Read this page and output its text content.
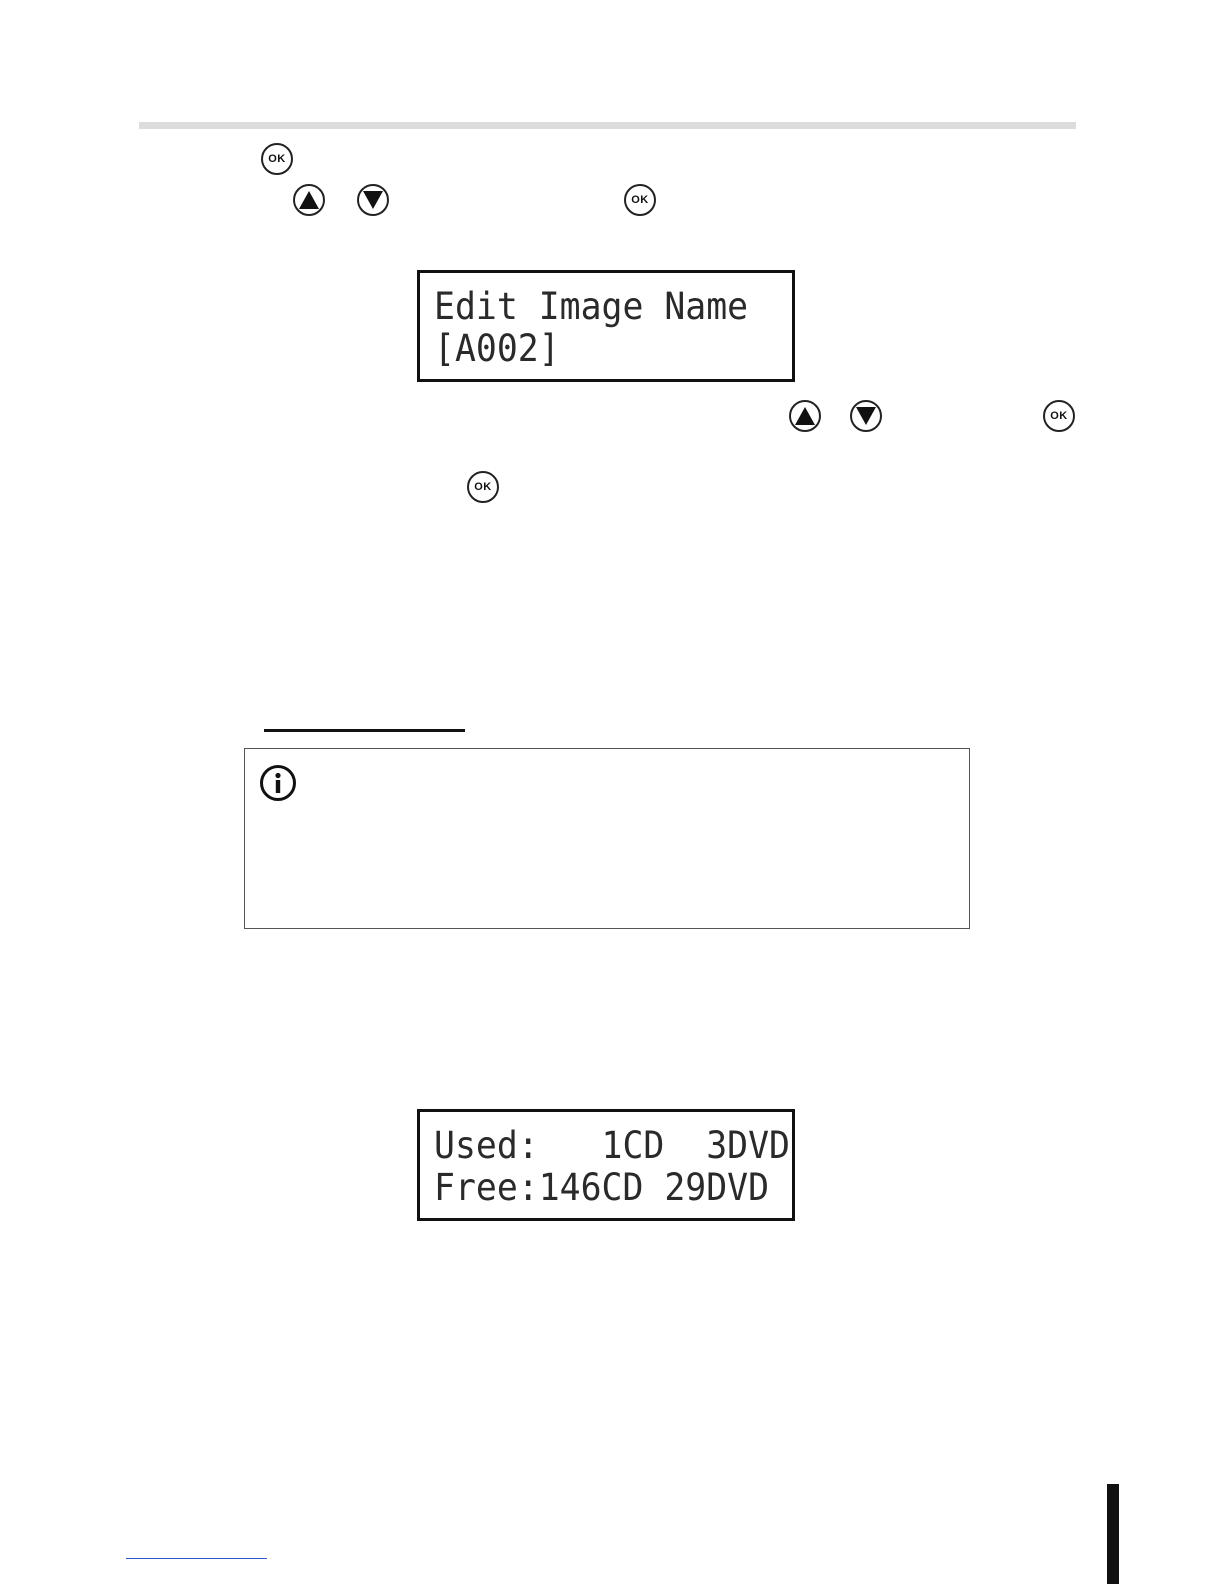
OK
OK
Edit Image Name
[A002]
OK
OK
Used:   1CD  3DVD
Free:146CD 29DVD
